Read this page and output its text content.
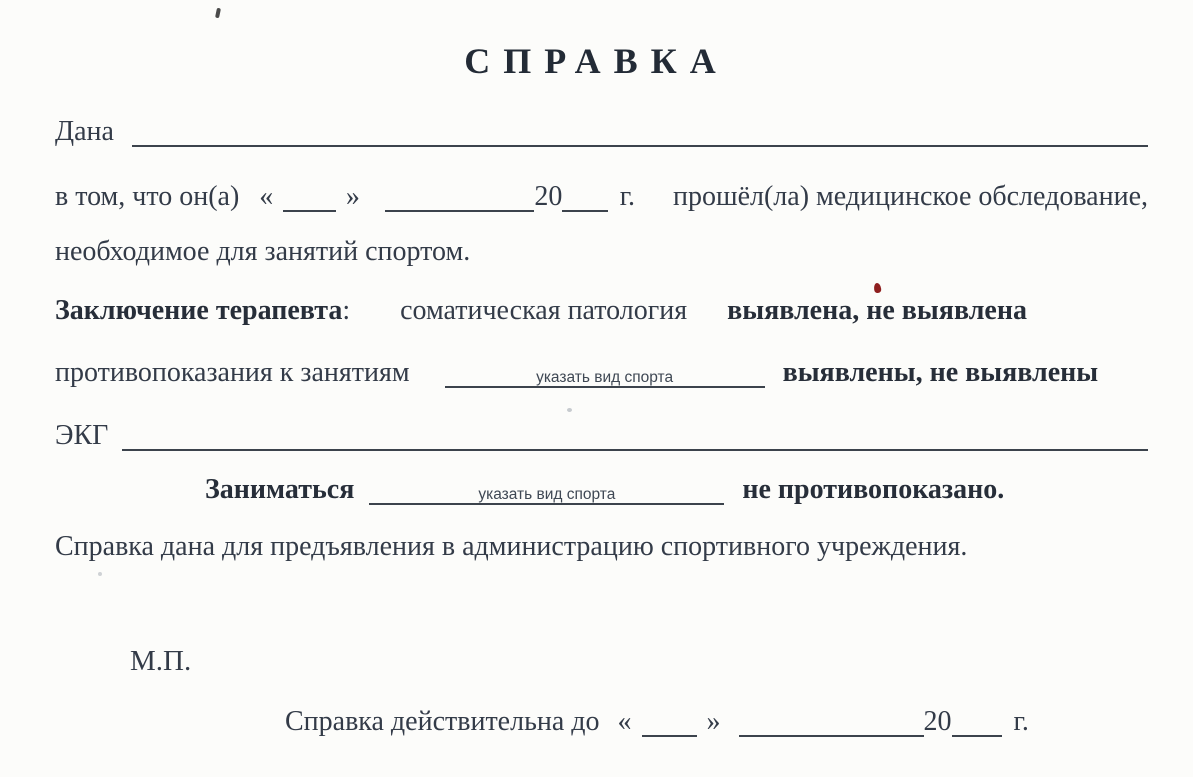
СПРАВКА
Дана
в том, что он(а) «	»	20 г. прошёл(ла) медицинское обследование,
необходимое для занятий спортом.
Заключение терапевта : соматическая патология выявлена, не выявлена
противопоказания к занятиям	указать вид спорта	выявлены, не выявлены
ЭКГ
Заниматься	указать вид спорта	не противопоказано.
Справка дана для предъявления в администрацию спортивного учреждения.
М.П.
Справка действительна до «	»	20 г.
